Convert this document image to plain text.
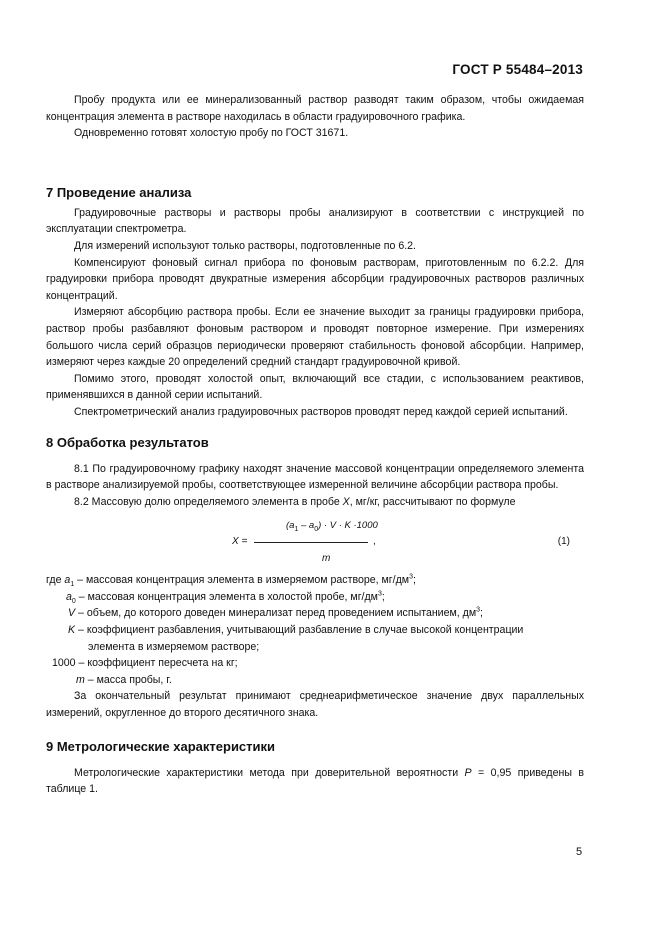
ГОСТ Р 55484–2013

Пробу продукта или ее минерализованный раствор разводят таким образом, чтобы ожидаемая концентрация элемента в растворе находилась в области градуировочного графика.

Одновременно готовят холостую пробу по ГОСТ 31671.

7 Проведение анализа

Градуировочные растворы и растворы пробы анализируют в соответствии с инструкцией по эксплуатации спектрометра.

Для измерений используют только растворы, подготовленные по 6.2.

Компенсируют фоновый сигнал прибора по фоновым растворам, приготовленным по 6.2.2. Для градуировки прибора проводят двукратные измерения абсорбции градуировочных растворов различных концентраций.

Измеряют абсорбцию раствора пробы. Если ее значение выходит за границы градуировки прибора, раствор пробы разбавляют фоновым раствором и проводят повторное измерение. При измерениях большого числа серий образцов периодически проверяют стабильность фоновой абсорбции. Например, измеряют через каждые 20 определений средний стандарт градуировочной кривой.

Помимо этого, проводят холостой опыт, включающий все стадии, с использованием реактивов, применявшихся в данной серии испытаний.

Спектрометрический анализ градуировочных растворов проводят перед каждой серией испытаний.

8 Обработка результатов

8.1 По градуировочному графику находят значение массовой концентрации определяемого элемента в растворе анализируемой пробы, соответствующее измеренной величине абсорбции раствора пробы.

8.2 Массовую долю определяемого элемента в пробе X, мг/кг, рассчитывают по формуле

$(a_1 - a_0) \cdot V \cdot K \cdot 1000$
X =	,
m
(1)
где $a_1$ – массовая концентрация элемента в измеряемом растворе, $мг/дм^3$;
$a_0$ – массовая концентрация элемента в холостой пробе, $мг/дм^3$;
V – объем, до которого доведен минерализат перед проведением испытанием, $дм^3$;
K – коэффициент разбавления, учитывающий разбавление в случае высокой концентрации
элемента в измеряемом растворе;
1000 – коэффициент пересчета на кг;
m – масса пробы, г.

За окончательный результат принимают среднеарифметическое значение двух параллельных измерений, округленное до второго десятичного знака.

9 Метрологические характеристики

Метрологические характеристики метода при доверительной вероятности P = 0,95 приведены в таблице 1.

5
